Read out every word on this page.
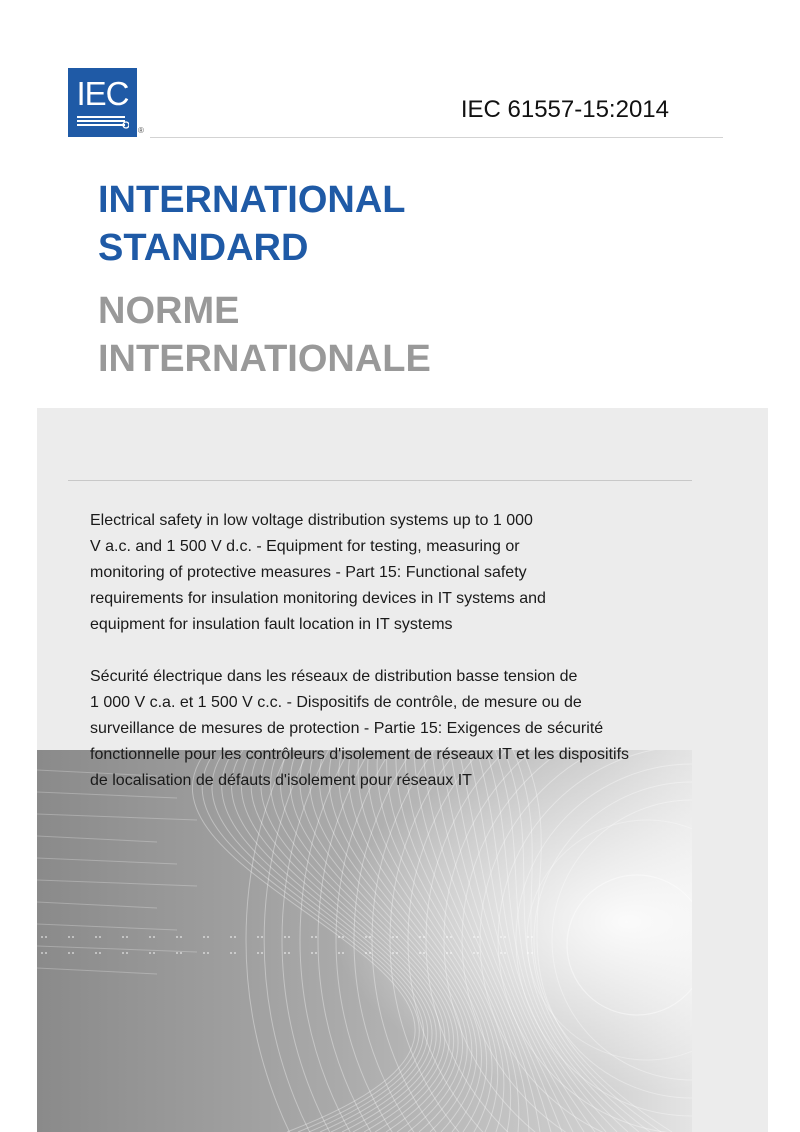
IEC
®
IEC 61557-15:2014
INTERNATIONAL
STANDARD
NORME
INTERNATIONALE

Electrical safety in low voltage distribution systems up to 1 000
V a.c. and 1 500 V d.c. - Equipment for testing, measuring or
monitoring of protective measures - Part 15: Functional safety
requirements for insulation monitoring devices in IT systems and
equipment for insulation fault location in IT systems

Sécurité électrique dans les réseaux de distribution basse tension de
1 000 V c.a. et 1 500 V c.c. - Dispositifs de contrôle, de mesure ou de
surveillance de mesures de protection - Partie 15: Exigences de sécurité
fonctionnelle pour les contrôleurs d'isolement de réseaux IT et les dispositifs
de localisation de défauts d'isolement pour réseaux IT
